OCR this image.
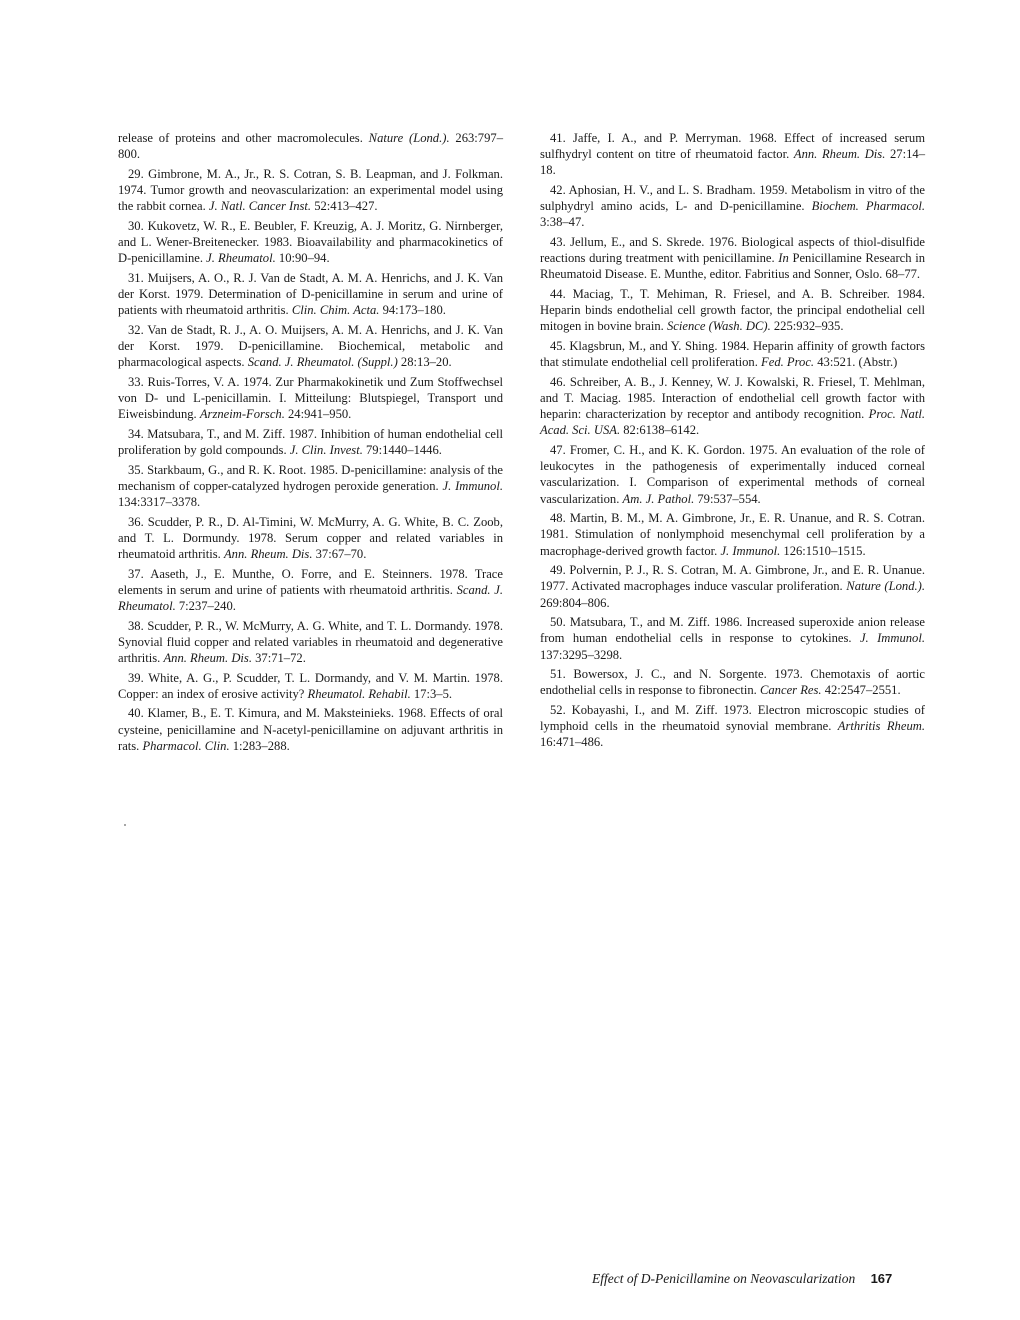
release of proteins and other macromolecules. Nature (Lond.). 263:797–800.

29. Gimbrone, M. A., Jr., R. S. Cotran, S. B. Leapman, and J. Folkman. 1974. Tumor growth and neovascularization: an experimental model using the rabbit cornea. J. Natl. Cancer Inst. 52:413–427.

30. Kukovetz, W. R., E. Beubler, F. Kreuzig, A. J. Moritz, G. Nirnberger, and L. Wener-Breitenecker. 1983. Bioavailability and pharmacokinetics of D-penicillamine. J. Rheumatol. 10:90–94.

31. Muijsers, A. O., R. J. Van de Stadt, A. M. A. Henrichs, and J. K. Van der Korst. 1979. Determination of D-penicillamine in serum and urine of patients with rheumatoid arthritis. Clin. Chim. Acta. 94:173–180.

32. Van de Stadt, R. J., A. O. Muijsers, A. M. A. Henrichs, and J. K. Van der Korst. 1979. D-penicillamine. Biochemical, metabolic and pharmacological aspects. Scand. J. Rheumatol. (Suppl.) 28:13–20.

33. Ruis-Torres, V. A. 1974. Zur Pharmakokinetik und Zum Stoffwechsel von D- und L-penicillamin. I. Mitteilung: Blutspiegel, Transport und Eiweisbindung. Arzneim-Forsch. 24:941–950.

34. Matsubara, T., and M. Ziff. 1987. Inhibition of human endothelial cell proliferation by gold compounds. J. Clin. Invest. 79:1440–1446.

35. Starkbaum, G., and R. K. Root. 1985. D-penicillamine: analysis of the mechanism of copper-catalyzed hydrogen peroxide generation. J. Immunol. 134:3317–3378.

36. Scudder, P. R., D. Al-Timini, W. McMurry, A. G. White, B. C. Zoob, and T. L. Dormundy. 1978. Serum copper and related variables in rheumatoid arthritis. Ann. Rheum. Dis. 37:67–70.

37. Aaseth, J., E. Munthe, O. Forre, and E. Steinners. 1978. Trace elements in serum and urine of patients with rheumatoid arthritis. Scand. J. Rheumatol. 7:237–240.

38. Scudder, P. R., W. McMurry, A. G. White, and T. L. Dormandy. 1978. Synovial fluid copper and related variables in rheumatoid and degenerative arthritis. Ann. Rheum. Dis. 37:71–72.

39. White, A. G., P. Scudder, T. L. Dormandy, and V. M. Martin. 1978. Copper: an index of erosive activity? Rheumatol. Rehabil. 17:3–5.

40. Klamer, B., E. T. Kimura, and M. Maksteinieks. 1968. Effects of oral cysteine, penicillamine and N-acetyl-penicillamine on adjuvant arthritis in rats. Pharmacol. Clin. 1:283–288.

41. Jaffe, I. A., and P. Merryman. 1968. Effect of increased serum sulfhydryl content on titre of rheumatoid factor. Ann. Rheum. Dis. 27:14–18.

42. Aphosian, H. V., and L. S. Bradham. 1959. Metabolism in vitro of the sulphydryl amino acids, L- and D-penicillamine. Biochem. Pharmacol. 3:38–47.

43. Jellum, E., and S. Skrede. 1976. Biological aspects of thiol-disulfide reactions during treatment with penicillamine. In Penicillamine Research in Rheumatoid Disease. E. Munthe, editor. Fabritius and Sonner, Oslo. 68–77.

44. Maciag, T., T. Mehiman, R. Friesel, and A. B. Schreiber. 1984. Heparin binds endothelial cell growth factor, the principal endothelial cell mitogen in bovine brain. Science (Wash. DC). 225:932–935.

45. Klagsbrun, M., and Y. Shing. 1984. Heparin affinity of growth factors that stimulate endothelial cell proliferation. Fed. Proc. 43:521. (Abstr.)

46. Schreiber, A. B., J. Kenney, W. J. Kowalski, R. Friesel, T. Mehlman, and T. Maciag. 1985. Interaction of endothelial cell growth factor with heparin: characterization by receptor and antibody recognition. Proc. Natl. Acad. Sci. USA. 82:6138–6142.

47. Fromer, C. H., and K. K. Gordon. 1975. An evaluation of the role of leukocytes in the pathogenesis of experimentally induced corneal vascularization. I. Comparison of experimental methods of corneal vascularization. Am. J. Pathol. 79:537–554.

48. Martin, B. M., M. A. Gimbrone, Jr., E. R. Unanue, and R. S. Cotran. 1981. Stimulation of nonlymphoid mesenchymal cell proliferation by a macrophage-derived growth factor. J. Immunol. 126:1510–1515.

49. Polvernin, P. J., R. S. Cotran, M. A. Gimbrone, Jr., and E. R. Unanue. 1977. Activated macrophages induce vascular proliferation. Nature (Lond.). 269:804–806.

50. Matsubara, T., and M. Ziff. 1986. Increased superoxide anion release from human endothelial cells in response to cytokines. J. Immunol. 137:3295–3298.

51. Bowersox, J. C., and N. Sorgente. 1973. Chemotaxis of aortic endothelial cells in response to fibronectin. Cancer Res. 42:2547–2551.

52. Kobayashi, I., and M. Ziff. 1973. Electron microscopic studies of lymphoid cells in the rheumatoid synovial membrane. Arthritis Rheum. 16:471–486.

Effect of D-Penicillamine on Neovascularization 167
